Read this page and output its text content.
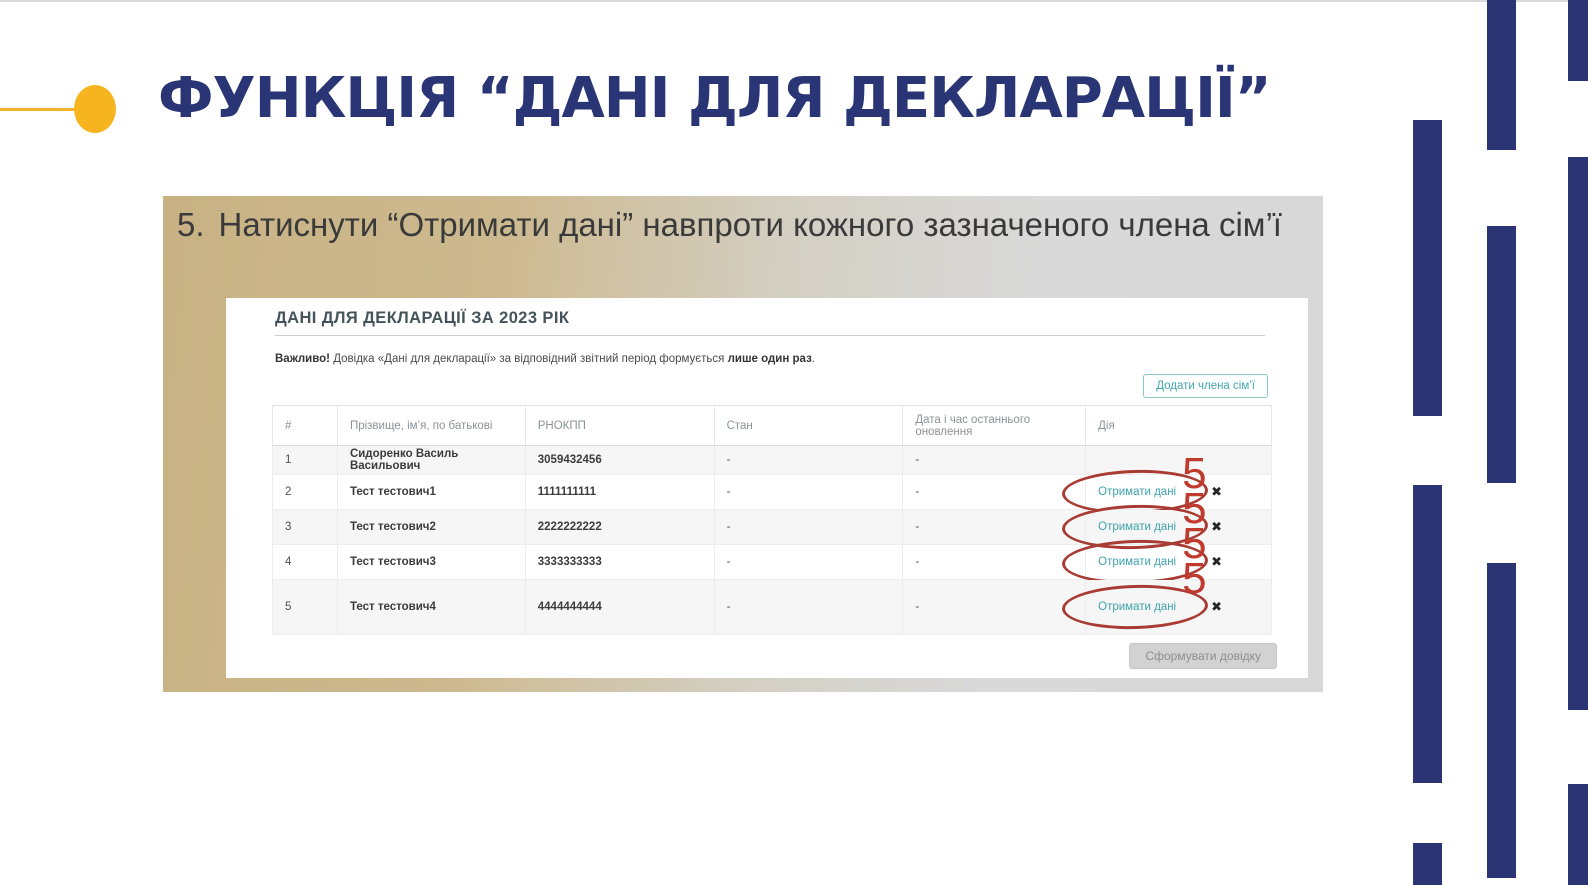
ФУНКЦІЯ “ДАНІ ДЛЯ ДЕКЛАРАЦІЇ”
5. Натиснути “Отримати дані” навпроти кожного зазначеного члена сім’ї
ДАНІ ДЛЯ ДЕКЛАРАЦІЇ ЗА 2023 РІК
Важливо! Довідка «Дані для декларації» за відповідний звітний період формується лише один раз.
Додати члена сім’ї
#	Прізвище, ім’я, по батькові	РНОКПП	Стан	Дата і час останнього оновлення	Дія
1	Сидоренко Василь Васильович	3059432456	-	-	
2	Тест тестович1	1111111111	-	-	Отримати дані ✖
5

3	Тест тестович2	2222222222	-	-	Отримати дані ✖
5

4	Тест тестович3	3333333333	-	-	Отримати дані ✖
5

5	Тест тестович4	4444444444	-	-	Отримати дані ✖
5
Сформувати довідку
